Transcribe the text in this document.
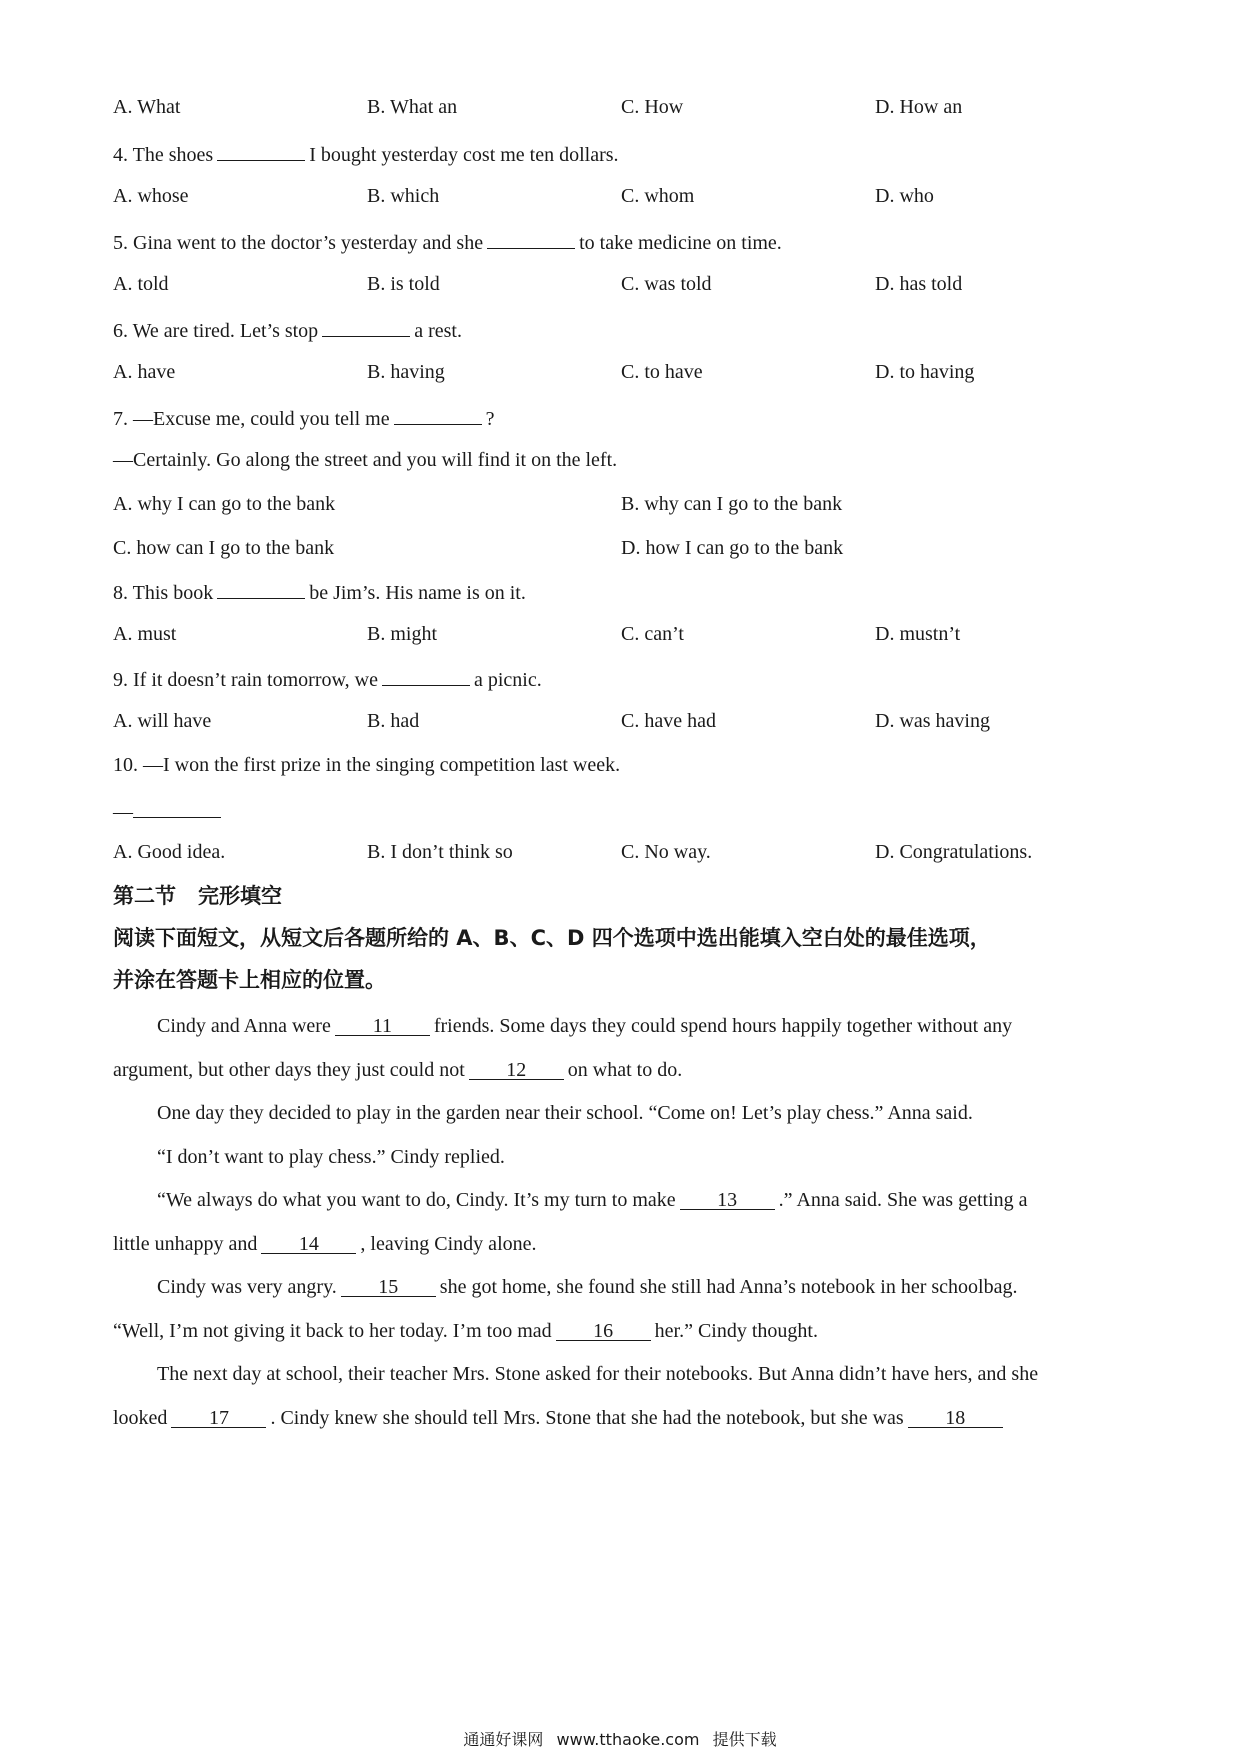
A. What	B. What an	C. How	D. How an
4. The shoes	I bought yesterday cost me ten dollars.
A. whose	B. which	C. whom	D. who
5. Gina went to the doctor’s yesterday and she	to take medicine on time.
A. told	B. is told	C. was told	D. has told
6. We are tired. Let’s stop	a rest.
A. have	B. having	C. to have	D. to having
7. —Excuse me, could you tell me	?
—Certainly. Go along the street and you will find it on the left.
A. why I can go to the bank	B. why can I go to the bank
C. how can I go to the bank	D. how I can go to the bank
8. This book	be Jim’s. His name is on it.
A. must	B. might	C. can’t	D. mustn’t
9. If it doesn’t rain tomorrow, we	a picnic.
A. will have	B. had	C. have had	D. was having
10. —I won the first prize in the singing competition last week.
—
A. Good idea.	B. I don’t think so	C. No way.	D. Congratulations.
第二节 完形填空
阅读下面短文，从短文后各题所给的 A、B、C、D 四个选项中选出能填入空白处的最佳选项，
并涂在答题卡上相应的位置。
Cindy and Anna were 11 friends. Some days they could spend hours happily together without any
argument, but other days they just could not 12 on what to do.
One day they decided to play in the garden near their school. “Come on! Let’s play chess.” Anna said.
“I don’t want to play chess.” Cindy replied.
“We always do what you want to do, Cindy. It’s my turn to make 13 .” Anna said. She was getting a
little unhappy and 14 , leaving Cindy alone.
Cindy was very angry. 15 she got home, she found she still had Anna’s notebook in her schoolbag.
“Well, I’m not giving it back to her today. I’m too mad 16 her.” Cindy thought.
The next day at school, their teacher Mrs. Stone asked for their notebooks. But Anna didn’t have hers, and she
looked 17 . Cindy knew she should tell Mrs. Stone that she had the notebook, but she was 18
通通好课网 www.tthaoke.com 提供下载
